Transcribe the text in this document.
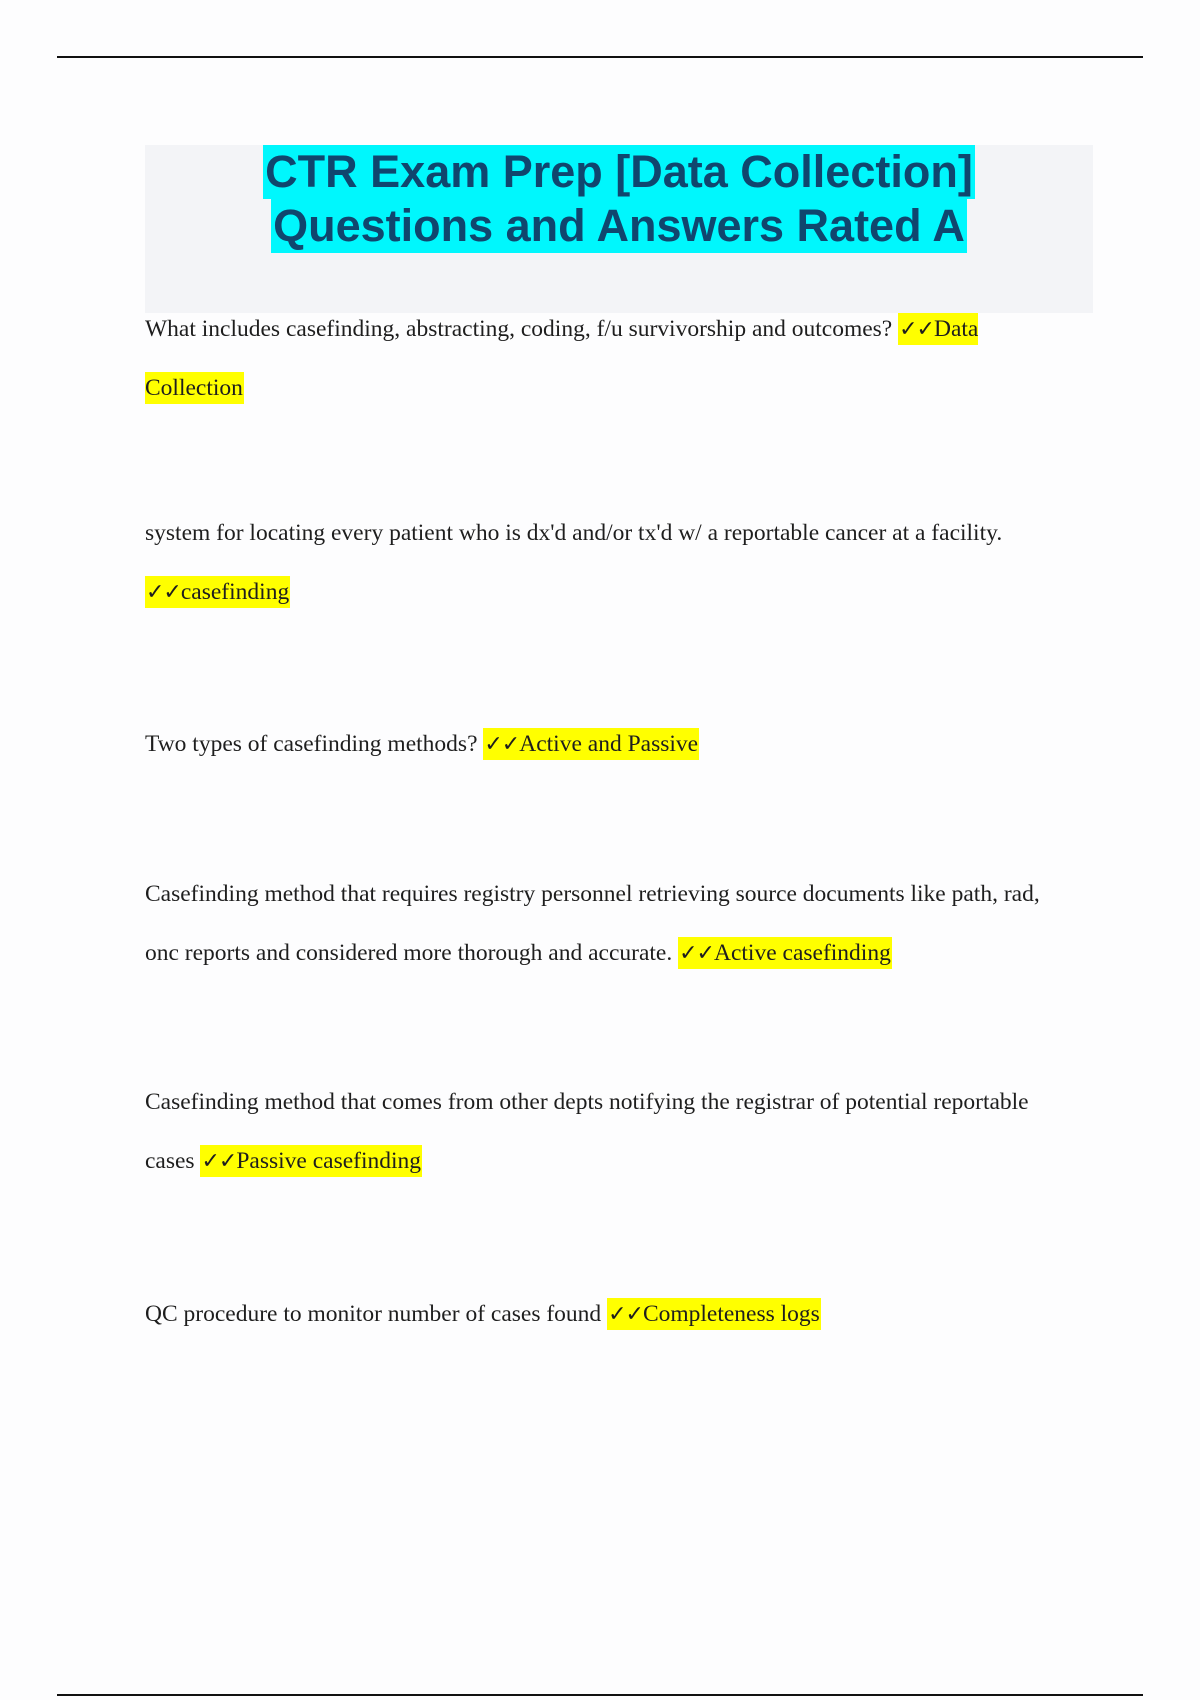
CTR Exam Prep [Data Collection]
Questions and Answers Rated A
What includes casefinding, abstracting, coding, f/u survivorship and outcomes? ✓✓Data Collection
system for locating every patient who is dx'd and/or tx'd w/ a reportable cancer at a facility. ✓✓casefinding
Two types of casefinding methods? ✓✓Active and Passive
Casefinding method that requires registry personnel retrieving source documents like path, rad, onc reports and considered more thorough and accurate. ✓✓Active casefinding
Casefinding method that comes from other depts notifying the registrar of potential reportable cases ✓✓Passive casefinding
QC procedure to monitor number of cases found ✓✓Completeness logs
